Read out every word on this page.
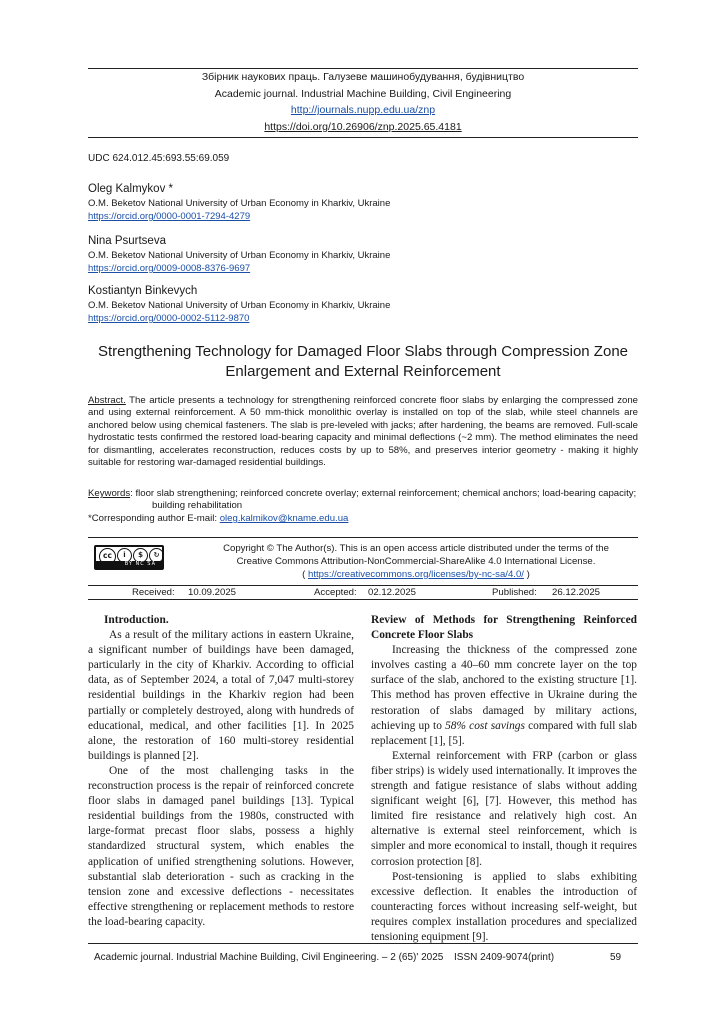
Збірник наукових праць. Галузеве машинобудування, будівництво
Academic journal. Industrial Machine Building, Civil Engineering
http://journals.nupp.edu.ua/znp
https://doi.org/10.26906/znp.2025.65.4181
UDC 624.012.45:693.55:69.059
Oleg Kalmykov *
O.M. Beketov National University of Urban Economy in Kharkiv, Ukraine
https://orcid.org/0000-0001-7294-4279
Nina Psurtseva
O.M. Beketov National University of Urban Economy in Kharkiv, Ukraine
https://orcid.org/0009-0008-8376-9697
Kostiantyn Binkevych
O.M. Beketov National University of Urban Economy in Kharkiv, Ukraine
https://orcid.org/0000-0002-5112-9870
Strengthening Technology for Damaged Floor Slabs through Compression Zone Enlargement and External Reinforcement
Abstract. The article presents a technology for strengthening reinforced concrete floor slabs by enlarging the compressed zone and using external reinforcement. A 50 mm-thick monolithic overlay is installed on top of the slab, while steel channels are anchored below using chemical fasteners. The slab is pre-leveled with jacks; after hardening, the beams are removed. Full-scale hydrostatic tests confirmed the restored load-bearing capacity and minimal deflections (~2 mm). The method eliminates the need for dismantling, accelerates reconstruction, reduces costs by up to 58%, and preserves interior geometry - making it highly suitable for restoring war-damaged residential buildings.
Keywords: floor slab strengthening; reinforced concrete overlay; external reinforcement; chemical anchors; load-bearing capacity;
building rehabilitation
*Corresponding author E-mail: oleg.kalmikov@kname.edu.ua
cc	i	$	↻
BY NC SA
Copyright © The Author(s). This is an open access article distributed under the terms of the
Creative Commons Attribution-NonCommercial-ShareAlike 4.0 International License.
( https://creativecommons.org/licenses/by-nc-sa/4.0/ )
Received: 10.09.2025	Accepted: 02.12.2025	Published: 26.12.2025

Introduction.

As a result of the military actions in eastern Ukraine, a significant number of buildings have been damaged, particularly in the city of Kharkiv. According to official data, as of September 2024, a total of 7,047 multi-storey residential buildings in the Kharkiv region had been partially or completely destroyed, along with hundreds of educational, medical, and other facilities [1]. In 2025 alone, the restoration of 160 multi-storey residential buildings is planned [2].

One of the most challenging tasks in the reconstruction process is the repair of reinforced concrete floor slabs in damaged panel buildings [13]. Typical residential buildings from the 1980s, constructed with large-format precast floor slabs, possess a highly standardized structural system, which enables the application of unified strengthening solutions. However, substantial slab deterioration - such as cracking in the tension zone and excessive deflections - necessitates effective strengthening or replacement methods to restore the load-bearing capacity.

Review of Methods for Strengthening Reinforced Concrete Floor Slabs

Increasing the thickness of the compressed zone involves casting a 40–60 mm concrete layer on the top surface of the slab, anchored to the existing structure [1]. This method has proven effective in Ukraine during the restoration of slabs damaged by military actions, achieving up to 58% cost savings compared with full slab replacement [1], [5].

External reinforcement with FRP (carbon or glass fiber strips) is widely used internationally. It improves the strength and fatigue resistance of slabs without adding significant weight [6], [7]. However, this method has limited fire resistance and relatively high cost. An alternative is external steel reinforcement, which is simpler and more economical to install, though it requires corrosion protection [8].

Post-tensioning is applied to slabs exhibiting excessive deflection. It enables the introduction of counteracting forces without increasing self-weight, but requires complex installation procedures and specialized tensioning equipment [9].

Academic journal. Industrial Machine Building, Civil Engineering. – 2 (65)' 2025 ISSN 2409-9074(print)	59
